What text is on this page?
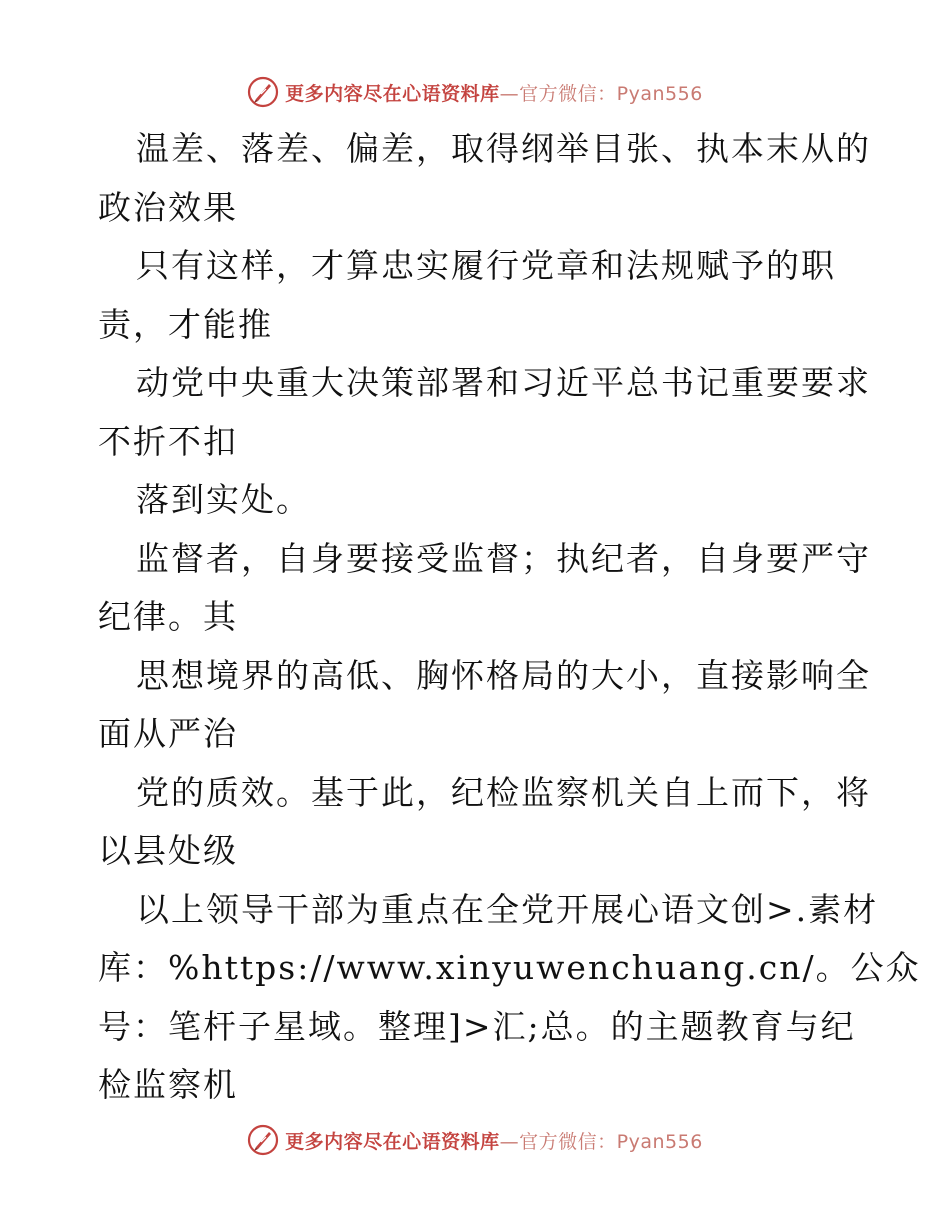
更多内容尽在心语资料库—官方微信：Pyan556
温差、落差、偏差，取得纲举目张、执本末从的
政治效果
只有这样，才算忠实履行党章和法规赋予的职
责，才能推
动党中央重大决策部署和习近平总书记重要要求
不折不扣
落到实处。
监督者，自身要接受监督；执纪者，自身要严守
纪律。其
思想境界的高低、胸怀格局的大小，直接影响全
面从严治
党的质效。基于此，纪检监察机关自上而下，将
以县处级
以上领导干部为重点在全党开展心语文创>.素材
库：%https://www.xinyuwenchuang.cn/。公众
号：笔杆子星域。整理]>汇;总。的主题教育与纪
检监察机
更多内容尽在心语资料库—官方微信：Pyan556
